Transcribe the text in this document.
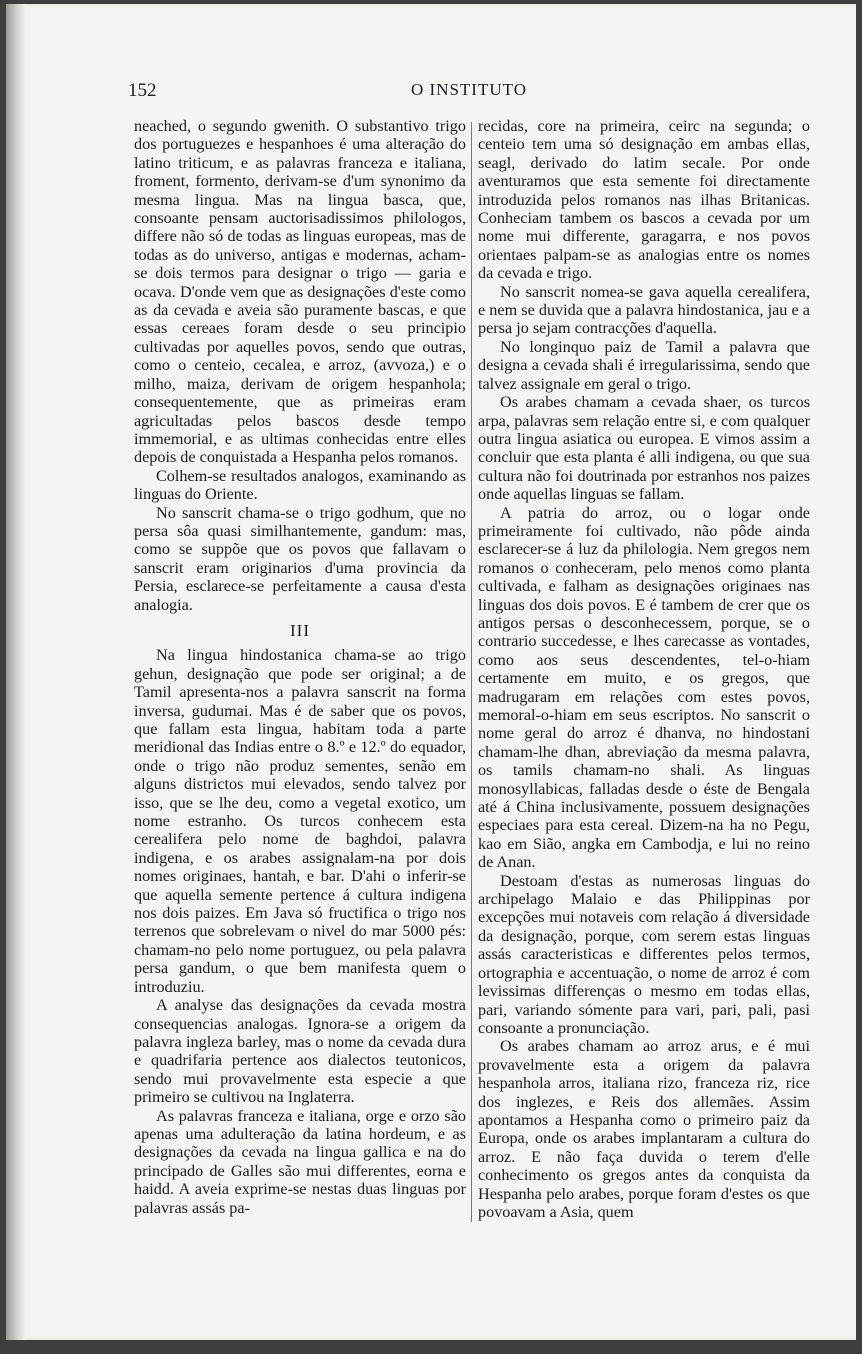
152	O INSTITUTO

neached, o segundo gwenith. O substantivo trigo dos portuguezes e hespanhoes é uma alteração do latino triticum, e as palavras franceza e italiana, froment, formento, derivam-se d'um synonimo da mesma lingua. Mas na lingua basca, que, consoante pensam auctorisadissimos philologos, differe não só de todas as linguas europeas, mas de todas as do universo, antigas e modernas, acham-se dois termos para designar o trigo — garia e ocava. D'onde vem que as designações d'este como as da cevada e aveia são puramente bascas, e que essas cereaes foram desde o seu principio cultivadas por aquelles povos, sendo que outras, como o centeio, cecalea, e arroz, (avvoza,) e o milho, maiza, derivam de origem hespanhola; consequentemente, que as primeiras eram agricultadas pelos bascos desde tempo immemorial, e as ultimas conhecidas entre elles depois de conquistada a Hespanha pelos romanos.

Colhem-se resultados analogos, examinando as linguas do Oriente.

No sanscrit chama-se o trigo godhum, que no persa sôa quasi similhantemente, gandum: mas, como se suppõe que os povos que fallavam o sanscrit eram originarios d'uma provincia da Persia, esclarece-se perfeitamente a causa d'esta analogia.

III

Na lingua hindostanica chama-se ao trigo gehun, designação que pode ser original; a de Tamil apresenta-nos a palavra sanscrit na forma inversa, gudumai. Mas é de saber que os povos, que fallam esta lingua, habitam toda a parte meridional das Indias entre o 8.º e 12.º do equador, onde o trigo não produz sementes, senão em alguns districtos mui elevados, sendo talvez por isso, que se lhe deu, como a vegetal exotico, um nome estranho. Os turcos conhecem esta cerealifera pelo nome de baghdoi, palavra indigena, e os arabes assignalam-na por dois nomes originaes, hantah, e bar. D'ahi o inferir-se que aquella semente pertence á cultura indigena nos dois paizes. Em Java só fructifica o trigo nos terrenos que sobrelevam o nivel do mar 5000 pés: chamam-no pelo nome portuguez, ou pela palavra persa gandum, o que bem manifesta quem o introduziu.

A analyse das designações da cevada mostra consequencias analogas. Ignora-se a origem da palavra ingleza barley, mas o nome da cevada dura e quadrifaria pertence aos dialectos teutonicos, sendo mui provavelmente esta especie a que primeiro se cultivou na Inglaterra.

As palavras franceza e italiana, orge e orzo são apenas uma adulteração da latina hordeum, e as designações da cevada na lingua gallica e na do principado de Galles são mui differentes, eorna e haidd. A aveia exprime-se nestas duas linguas por palavras assás pa-

recidas, core na primeira, ceirc na segunda; o centeio tem uma só designação em ambas ellas, seagl, derivado do latim secale. Por onde aventuramos que esta semente foi directamente introduzida pelos romanos nas ilhas Britanicas. Conheciam tambem os bascos a cevada por um nome mui differente, garagarra, e nos povos orientaes palpam-se as analogias entre os nomes da cevada e trigo.

No sanscrit nomea-se gava aquella cerealifera, e nem se duvida que a palavra hindostanica, jau e a persa jo sejam contracções d'aquella.

No longinquo paiz de Tamil a palavra que designa a cevada shali é irregularissima, sendo que talvez assignale em geral o trigo.

Os arabes chamam a cevada shaer, os turcos arpa, palavras sem relação entre si, e com qualquer outra lingua asiatica ou europea. E vimos assim a concluir que esta planta é alli indigena, ou que sua cultura não foi doutrinada por estranhos nos paizes onde aquellas linguas se fallam.

A patria do arroz, ou o logar onde primeiramente foi cultivado, não pôde ainda esclarecer-se á luz da philologia. Nem gregos nem romanos o conheceram, pelo menos como planta cultivada, e falham as designações originaes nas linguas dos dois povos. E é tambem de crer que os antigos persas o desconhecessem, porque, se o contrario succedesse, e lhes carecasse as vontades, como aos seus descendentes, tel-o-hiam certamente em muito, e os gregos, que madrugaram em relações com estes povos, memoral-o-hiam em seus escriptos. No sanscrit o nome geral do arroz é dhanva, no hindostani chamam-lhe dhan, abreviação da mesma palavra, os tamils chamam-no shali. As linguas monosyllabicas, falladas desde o éste de Bengala até á China inclusivamente, possuem designações especiaes para esta cereal. Dizem-na ha no Pegu, kao em Sião, angka em Cambodja, e lui no reino de Anan.

Destoam d'estas as numerosas linguas do archipelago Malaio e das Philippinas por excepções mui notaveis com relação á diversidade da designação, porque, com serem estas linguas assás caracteristicas e differentes pelos termos, ortographia e accentuação, o nome de arroz é com levissimas differenças o mesmo em todas ellas, pari, variando sómente para vari, pari, pali, pasi consoante a pronunciação.

Os arabes chamam ao arroz arus, e é mui provavelmente esta a origem da palavra hespanhola arros, italiana rizo, franceza riz, rice dos inglezes, e Reis dos allemães. Assim apontamos a Hespanha como o primeiro paiz da Europa, onde os arabes implantaram a cultura do arroz. E não faça duvida o terem d'elle conhecimento os gregos antes da conquista da Hespanha pelo arabes, porque foram d'estes os que povoavam a Asia, quem
